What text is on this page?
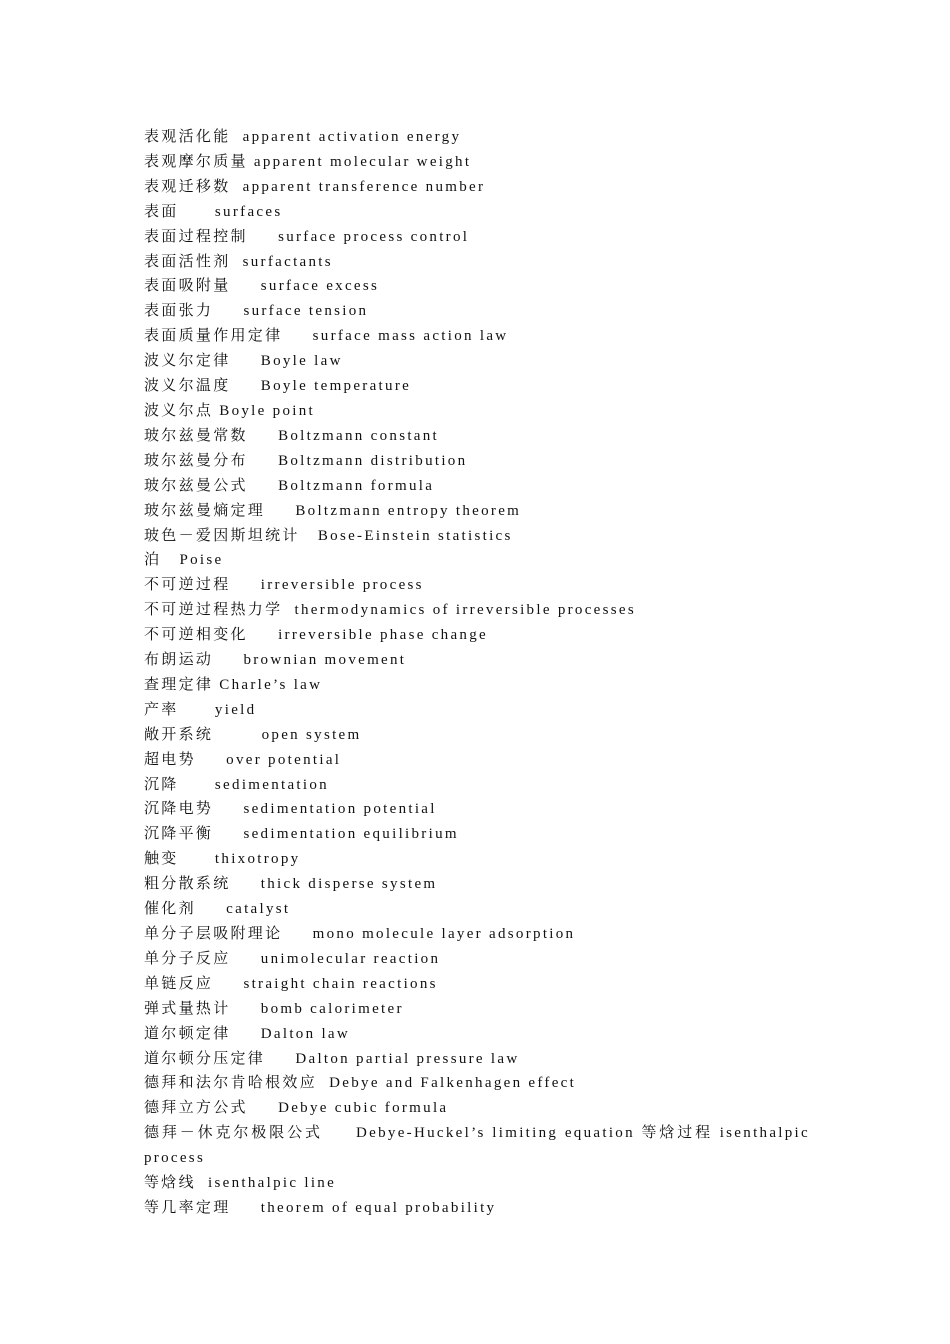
表观活化能 apparent activation energy
表观摩尔质量 apparent molecular weight
表观迁移数 apparent transference number
表面 surfaces
表面过程控制 surface process control
表面活性剂 surfactants
表面吸附量 surface excess
表面张力 surface tension
表面质量作用定律 surface mass action law
波义尔定律 Boyle law
波义尔温度 Boyle temperature
波义尔点 Boyle point
玻尔兹曼常数 Boltzmann constant
玻尔兹曼分布 Boltzmann distribution
玻尔兹曼公式 Boltzmann formula
玻尔兹曼熵定理 Boltzmann entropy theorem
玻色－爱因斯坦统计 Bose-Einstein statistics
泊 Poise
不可逆过程 irreversible process
不可逆过程热力学 thermodynamics of irreversible processes
不可逆相变化 irreversible phase change
布朗运动 brownian movement
查理定律 Charle’s law
产率 yield
敞开系统	open system
超电势 over potential
沉降 sedimentation
沉降电势 sedimentation potential
沉降平衡 sedimentation equilibrium
触变 thixotropy
粗分散系统 thick disperse system
催化剂 catalyst
单分子层吸附理论 mono molecule layer adsorption
单分子反应 unimolecular reaction
单链反应 straight chain reactions
弹式量热计 bomb calorimeter
道尔顿定律 Dalton law
道尔顿分压定律 Dalton partial pressure law
德拜和法尔肯哈根效应 Debye and Falkenhagen effect
德拜立方公式 Debye cubic formula
德拜－休克尔极限公式 Debye-Huckel’s limiting equation 等焓过程 isenthalpic process
等焓线 isenthalpic line
等几率定理 theorem of equal probability
